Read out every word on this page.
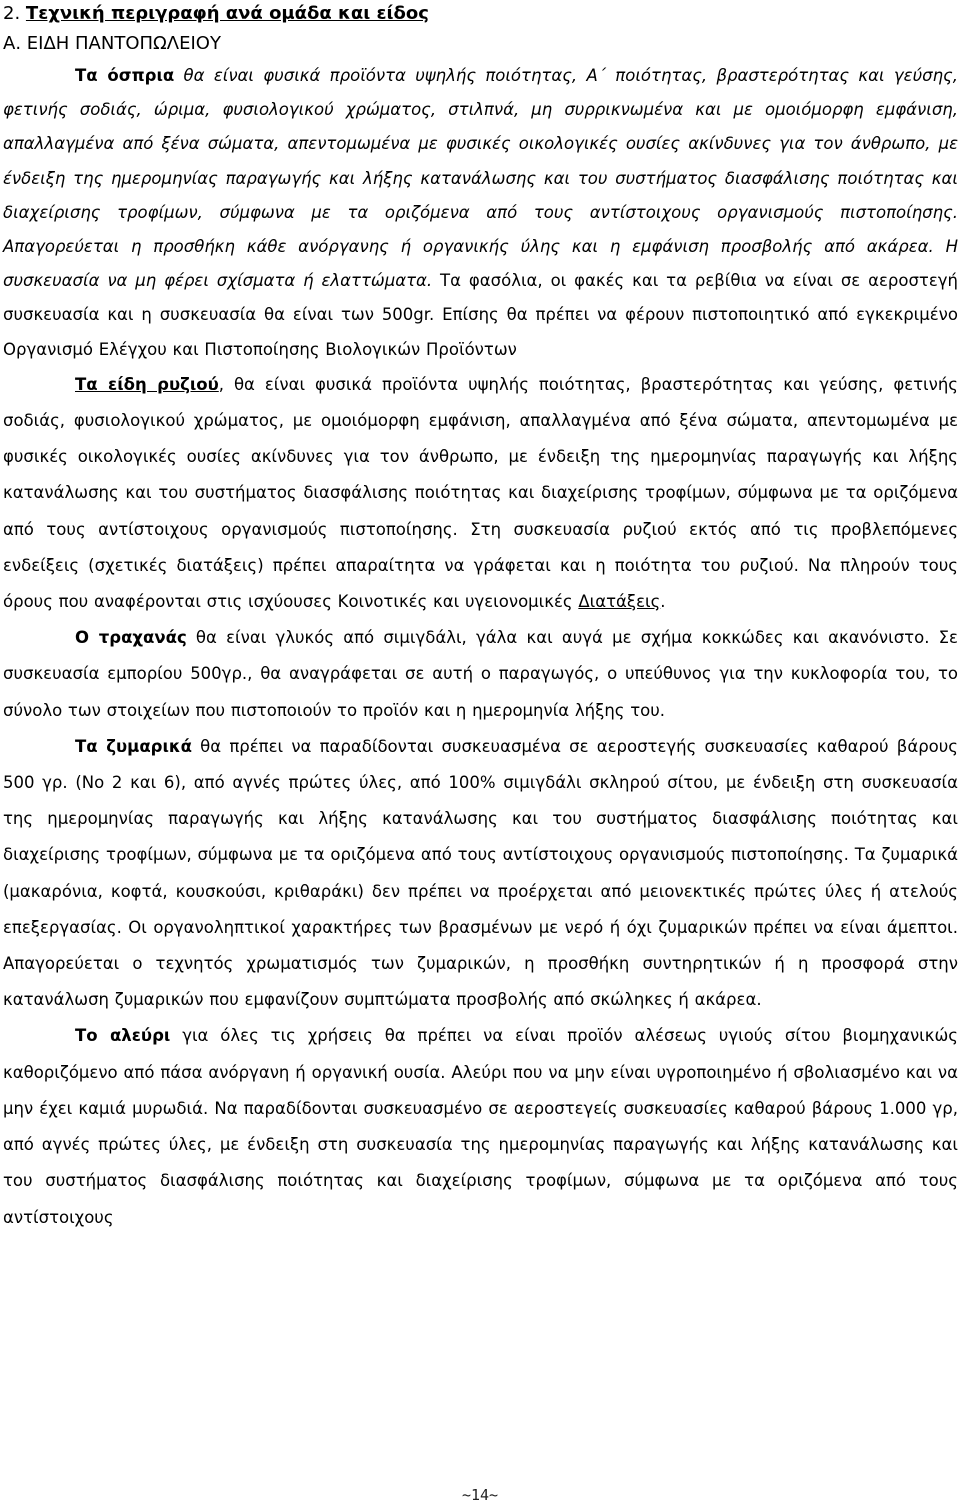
2. Τεχνική περιγραφή ανά ομάδα και είδος
Α. ΕΙΔΗ ΠΑΝΤΟΠΩΛΕΙΟΥ

Τα όσπρια θα είναι φυσικά προϊόντα υψηλής ποιότητας, Α΄ ποιότητας, βραστερότητας και γεύσης, φετινής σοδιάς, ώριμα, φυσιολογικού χρώματος, στιλπνά, μη συρρικνωμένα και με ομοιόμορφη εμφάνιση, απαλλαγμένα από ξένα σώματα, απεντομωμένα με φυσικές οικολογικές ουσίες ακίνδυνες για τον άνθρωπο, με ένδειξη της ημερομηνίας παραγωγής και λήξης κατανάλωσης και του συστήματος διασφάλισης ποιότητας και διαχείρισης τροφίμων, σύμφωνα με τα οριζόμενα από τους αντίστοιχους οργανισμούς πιστοποίησης. Απαγορεύεται η προσθήκη κάθε ανόργανης ή οργανικής ύλης και η εμφάνιση προσβολής από ακάρεα. Η συσκευασία να μη φέρει σχίσματα ή ελαττώματα. Τα φασόλια, οι φακές και τα ρεβίθια να είναι σε αεροστεγή συσκευασία και η συσκευασία θα είναι των 500gr. Επίσης θα πρέπει να φέρουν πιστοποιητικό από εγκεκριμένο Οργανισμό Ελέγχου και Πιστοποίησης Βιολογικών Προϊόντων

Τα είδη ρυζιού, θα είναι φυσικά προϊόντα υψηλής ποιότητας, βραστερότητας και γεύσης, φετινής σοδιάς, φυσιολογικού χρώματος, με ομοιόμορφη εμφάνιση, απαλλαγμένα από ξένα σώματα, απεντομωμένα με φυσικές οικολογικές ουσίες ακίνδυνες για τον άνθρωπο, με ένδειξη της ημερομηνίας παραγωγής και λήξης κατανάλωσης και του συστήματος διασφάλισης ποιότητας και διαχείρισης τροφίμων, σύμφωνα με τα οριζόμενα από τους αντίστοιχους οργανισμούς πιστοποίησης. Στη συσκευασία ρυζιού εκτός από τις προβλεπόμενες ενδείξεις (σχετικές διατάξεις) πρέπει απαραίτητα να γράφεται και η ποιότητα του ρυζιού. Να πληρούν τους όρους που αναφέρονται στις ισχύουσες Κοινοτικές και υγειονομικές Διατάξεις.

Ο τραχανάς θα είναι γλυκός από σιμιγδάλι, γάλα και αυγά με σχήμα κοκκώδες και ακανόνιστο. Σε συσκευασία εμπορίου 500γρ., θα αναγράφεται σε αυτή ο παραγωγός, ο υπεύθυνος για την κυκλοφορία του, το σύνολο των στοιχείων που πιστοποιούν το προϊόν και η ημερομηνία λήξης του.

Τα ζυμαρικά θα πρέπει να παραδίδονται συσκευασμένα σε αεροστεγής συσκευασίες καθαρού βάρους 500 γρ. (Νο 2 και 6), από αγνές πρώτες ύλες, από 100% σιμιγδάλι σκληρού σίτου, με ένδειξη στη συσκευασία της ημερομηνίας παραγωγής και λήξης κατανάλωσης και του συστήματος διασφάλισης ποιότητας και διαχείρισης τροφίμων, σύμφωνα με τα οριζόμενα από τους αντίστοιχους οργανισμούς πιστοποίησης. Τα ζυμαρικά (μακαρόνια, κοφτά, κουσκούσι, κριθαράκι) δεν πρέπει να προέρχεται από μειονεκτικές πρώτες ύλες ή ατελούς επεξεργασίας. Οι οργανοληπτικοί χαρακτήρες των βρασμένων με νερό ή όχι ζυμαρικών πρέπει να είναι άμεπτοι. Απαγορεύεται ο τεχνητός χρωματισμός των ζυμαρικών, η προσθήκη συντηρητικών ή η προσφορά στην κατανάλωση ζυμαρικών που εμφανίζουν συμπτώματα προσβολής από σκώληκες ή ακάρεα.

Το αλεύρι για όλες τις χρήσεις θα πρέπει να είναι προϊόν αλέσεως υγιούς σίτου βιομηχανικώς καθοριζόμενο από πάσα ανόργανη ή οργανική ουσία. Αλεύρι που να μην είναι υγροποιημένο ή σβολιασμένο και να μην έχει καμιά μυρωδιά. Να παραδίδονται συσκευασμένο σε αεροστεγείς συσκευασίες καθαρού βάρους 1.000 γρ, από αγνές πρώτες ύλες, με ένδειξη στη συσκευασία της ημερομηνίας παραγωγής και λήξης κατανάλωσης και του συστήματος διασφάλισης ποιότητας και διαχείρισης τροφίμων, σύμφωνα με τα οριζόμενα από τους αντίστοιχους

~14~
